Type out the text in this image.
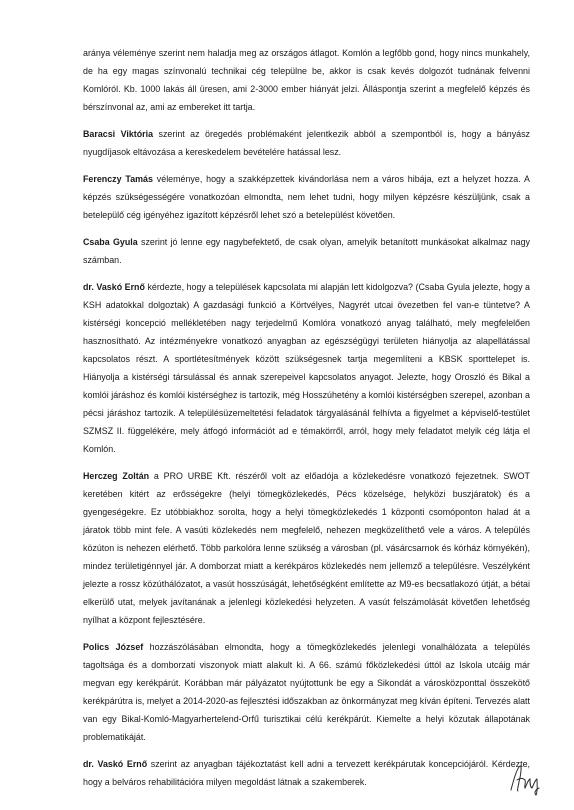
aránya véleménye szerint nem haladja meg az országos átlagot. Komlón a legfőbb gond, hogy nincs munkahely, de ha egy magas színvonalú technikai cég települne be, akkor is csak kevés dolgozót tudnának felvenni Komlóról. Kb. 1000 lakás áll üresen, ami 2-3000 ember hiányát jelzi. Álláspontja szerint a megfelelő képzés és bérszínvonal az, ami az embereket itt tartja.

Baracsi Viktória szerint az öregedés problémaként jelentkezik abból a szempontból is, hogy a bányász nyugdíjasok eltávozása a kereskedelem bevételére hatással lesz.

Ferenczy Tamás véleménye, hogy a szakképzettek kivándorlása nem a város hibája, ezt a helyzet hozza. A képzés szükségességére vonatkozóan elmondta, nem lehet tudni, hogy milyen képzésre készüljünk, csak a betelepülő cég igényéhez igazított képzésről lehet szó a betelepülést követően.

Csaba Gyula szerint jó lenne egy nagybefektető, de csak olyan, amelyik betanított munkásokat alkalmaz nagy számban.

dr. Vaskó Ernő kérdezte, hogy a települések kapcsolata mi alapján lett kidolgozva? (Csaba Gyula jelezte, hogy a KSH adatokkal dolgoztak) A gazdasági funkció a Körtvélyes, Nagyrét utcai övezetben fel van-e tüntetve? A kistérségi koncepció mellékletében nagy terjedelmű Komlóra vonatkozó anyag található, mely megfelelően hasznosítható. Az intézményekre vonatkozó anyagban az egészségügyi területen hiányolja az alapellátással kapcsolatos részt. A sportlétesítmények között szükségesnek tartja megemlíteni a KBSK sporttelepet is. Hiányolja a kistérségi társulással és annak szerepeivel kapcsolatos anyagot. Jelezte, hogy Oroszló és Bikal a komlói járáshoz és komlói kistérséghez is tartozik, még Hosszúhetény a komlói kistérségben szerepel, azonban a pécsi járáshoz tartozik. A településüzemeltetési feladatok tárgyalásánál felhívta a figyelmet a képviselő-testület SZMSZ II. függelékére, mely átfogó információt ad e témakörről, arról, hogy mely feladatot melyik cég látja el Komlón.

Herczeg Zoltán a PRO URBE Kft. részéről volt az előadója a közlekedésre vonatkozó fejezetnek. SWOT keretében kitért az erősségekre (helyi tömegközlekedés, Pécs közelsége, helyközi buszjáratok) és a gyengeségekre. Ez utóbbiakhoz sorolta, hogy a helyi tömegközlekedés 1 központi csomóponton halad át a járatok több mint fele. A vasúti közlekedés nem megfelelő, nehezen megközelíthető vele a város. A település közúton is nehezen elérhető. Több parkolóra lenne szükség a városban (pl. vásárcsarnok és kórház környékén), mindez területigénnyel jár. A domborzat miatt a kerékpáros közlekedés nem jellemző a településre. Veszélyként jelezte a rossz közúthálózatot, a vasút hosszúságát, lehetőségként említette az M9-es becsatlakozó útját, a bétai elkerülő utat, melyek javítanának a jelenlegi közlekedési helyzeten. A vasút felszámolását követően lehetőség nyílhat a központ fejlesztésére.

Polics József hozzászólásában elmondta, hogy a tömegközlekedés jelenlegi vonalhálózata a település tagoltsága és a domborzati viszonyok miatt alakult ki. A 66. számú főközlekedési úttól az Iskola utcáig már megvan egy kerékpárút. Korábban már pályázatot nyújtottunk be egy a Sikondát a városközponttal összekötő kerékpárútra is, melyet a 2014-2020-as fejlesztési időszakban az önkormányzat meg kíván építeni. Tervezés alatt van egy Bikal-Komló-Magyarhertelend-Orfű turisztikai célú kerékpárút. Kiemelte a helyi közutak állapotának problematikáját.

dr. Vaskó Ernő szerint az anyagban tájékoztatást kell adni a tervezett kerékpárutak koncepciójáról. Kérdezte, hogy a belváros rehabilitációra milyen megoldást látnak a szakemberek.
